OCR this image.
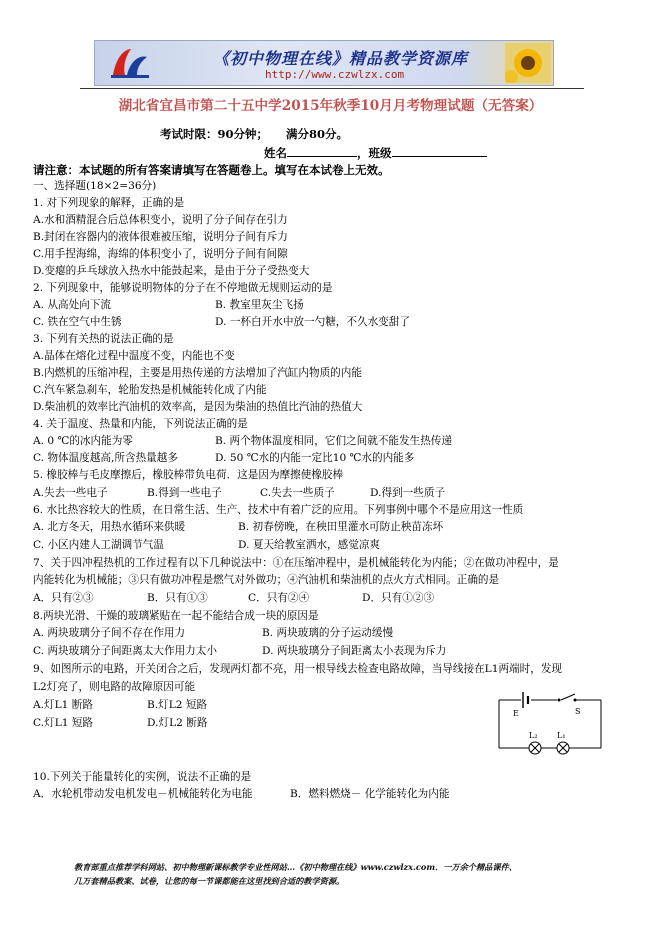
《初中物理在线》精品教学资源库
http://www.czwlzx.com
湖北省宜昌市第二十五中学2015年秋季10月月考物理试题（无答案）
考试时限：90分钟； 满分80分。
姓名	，班级
请注意：本试题的所有答案请填写在答题卷上。填写在本试卷上无效。
一、选择题(18×2=36分)
1. 对下列现象的解释，正确的是
A.水和酒精混合后总体积变小，说明了分子间存在引力
B.封闭在容器内的液体很难被压缩，说明分子间有斥力
C.用手捏海绵，海绵的体积变小了，说明分子间有间隙
D.变瘪的乒乓球放入热水中能鼓起来，是由于分子受热变大
2. 下列现象中，能够说明物体的分子在不停地做无规则运动的是
A. 从高处向下流	B. 教室里灰尘飞扬
C. 铁在空气中生锈	D. 一杯白开水中放一勺糖，不久水变甜了
3. 下列有关热的说法正确的是
A.晶体在熔化过程中温度不变，内能也不变
B.内燃机的压缩冲程，主要是用热传递的方法增加了汽缸内物质的内能
C.汽车紧急刹车，轮胎发热是机械能转化成了内能
D.柴油机的效率比汽油机的效率高，是因为柴油的热值比汽油的热值大
4. 关于温度、热量和内能，下列说法正确的是
A. 0 ℃的冰内能为零	B. 两个物体温度相同，它们之间就不能发生热传递
C. 物体温度越高,所含热量越多	D. 50 ℃水的内能一定比10 ℃水的内能多
5. 橡胶棒与毛皮摩擦后，橡胶棒带负电荷．这是因为摩擦使橡胶棒
A.失去一些电子	B.得到一些电子	C.失去一些质子	D.得到一些质子
6. 水比热容较大的性质，在日常生活、生产、技术中有着广泛的应用。下列事例中哪个不是应用这一性质
A. 北方冬天，用热水循环来供暖	B. 初春傍晚，在秧田里灌水可防止秧苗冻坏
C. 小区内建人工湖调节气温	D. 夏天给教室洒水，感觉凉爽
7、关于四冲程热机的工作过程有以下几种说法中：①在压缩冲程中，是机械能转化为内能；②在做功冲程中，是
内能转化为机械能；③只有做功冲程是燃气对外做功；④汽油机和柴油机的点火方式相同。正确的是
A．只有②③	B．只有①③	C．只有②④	D．只有①②③
8.两块光滑、干燥的玻璃紧贴在一起不能结合成一块的原因是
A. 两块玻璃分子间不存在作用力	B. 两块玻璃的分子运动缓慢
C. 两块玻璃分子间距离太大作用力太小	D. 两块玻璃分子间距离太小表现为斥力
9、如图所示的电路，开关闭合之后，发现两灯都不亮，用一根导线去检查电路故障，当导线接在L1两端时，发现
L2灯亮了，则电路的故障原因可能
A.灯L1 断路	B.灯L2 短路
C.灯L1 短路	D.灯L2 断路
E	S
L₂ L₁
10.下列关于能量转化的实例，说法不正确的是
A．水轮机带动发电机发电－机械能转化为电能	B．燃料燃烧－ 化学能转化为内能
教育部重点推荐学科网站、初中物理新课标教学专业性网站…《初中物理在线》www.czwlzx.com．一万余个精品课件、
几万套精品教案、试卷，让您的每一节课都能在这里找到合适的教学资源。
